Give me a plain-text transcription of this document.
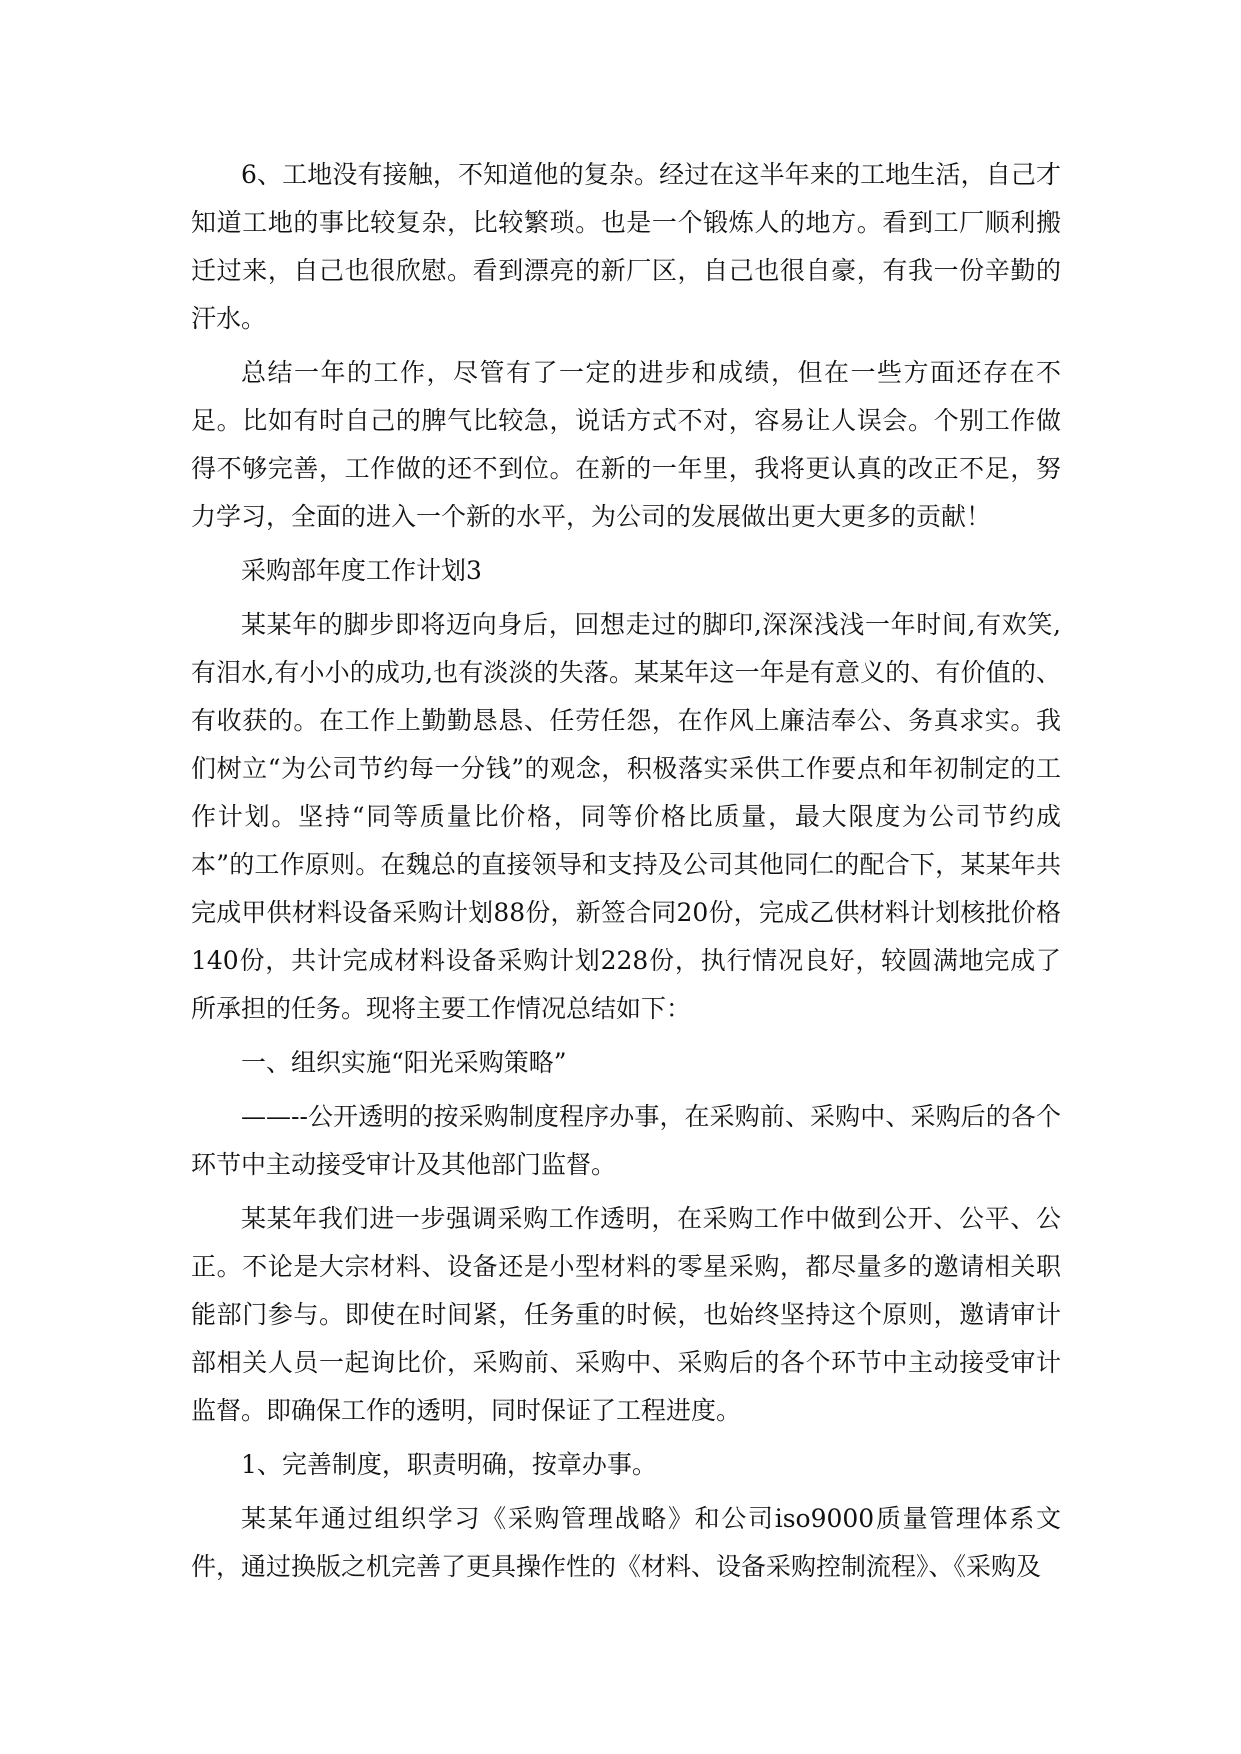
6、工地没有接触，不知道他的复杂。经过在这半年来的工地生活，自己才知道工地的事比较复杂，比较繁琐。也是一个锻炼人的地方。看到工厂顺利搬迁过来，自己也很欣慰。看到漂亮的新厂区，自己也很自豪，有我一份辛勤的汗水。

总结一年的工作，尽管有了一定的进步和成绩，但在一些方面还存在不足。比如有时自己的脾气比较急，说话方式不对，容易让人误会。个别工作做得不够完善，工作做的还不到位。在新的一年里，我将更认真的改正不足，努力学习，全面的进入一个新的水平，为公司的发展做出更大更多的贡献！

采购部年度工作计划3

某某年的脚步即将迈向身后，回想走过的脚印,深深浅浅一年时间,有欢笑,有泪水,有小小的成功,也有淡淡的失落。某某年这一年是有意义的、有价值的、有收获的。在工作上勤勤恳恳、任劳任怨，在作风上廉洁奉公、务真求实。我们树立“为公司节约每一分钱”的观念，积极落实采供工作要点和年初制定的工作计划。坚持“同等质量比价格，同等价格比质量，最大限度为公司节约成本”的工作原则。在魏总的直接领导和支持及公司其他同仁的配合下，某某年共完成甲供材料设备采购计划88份，新签合同20份，完成乙供材料计划核批价格140份，共计完成材料设备采购计划228份，执行情况良好，较圆满地完成了所承担的任务。现将主要工作情况总结如下：

一、组织实施“阳光采购策略”

——--公开透明的按采购制度程序办事，在采购前、采购中、采购后的各个环节中主动接受审计及其他部门监督。

某某年我们进一步强调采购工作透明，在采购工作中做到公开、公平、公正。不论是大宗材料、设备还是小型材料的零星采购，都尽量多的邀请相关职能部门参与。即使在时间紧，任务重的时候，也始终坚持这个原则，邀请审计部相关人员一起询比价，采购前、采购中、采购后的各个环节中主动接受审计监督。即确保工作的透明，同时保证了工程进度。

1、完善制度，职责明确，按章办事。

某某年通过组织学习《采购管理战略》和公司iso9000质量管理体系文件，通过换版之机完善了更具操作性的《材料、设备采购控制流程》、《采购及
